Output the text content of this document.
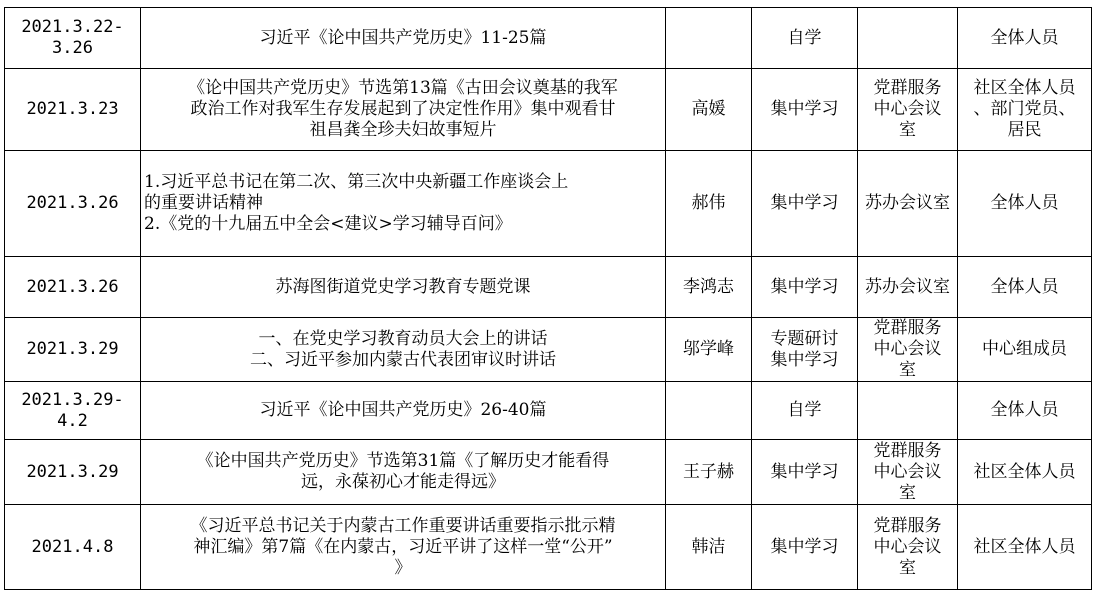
2021.3.22-3.26	习近平《论中国共产党历史》11-25篇		自学		全体人员

2021.3.23	《论中国共产党历史》节选第13篇《古田会议奠基的我军
政治工作对我军生存发展起到了决定性作用》集中观看甘
祖昌龚全珍夫妇故事短片	高媛	集中学习	党群服务
中心会议
室	社区全体人员
、部门党员、
居民

2021.3.26	1.习近平总书记在第二次、第三次中央新疆工作座谈会上
的重要讲话精神
2.《党的十九届五中全会<建议>学习辅导百问》	郝伟	集中学习	苏办会议室	全体人员

2021.3.26	苏海图街道党史学习教育专题党课	李鸿志	集中学习	苏办会议室	全体人员

2021.3.29	一、在党史学习教育动员大会上的讲话
二、习近平参加内蒙古代表团审议时讲话	邬学峰	专题研讨
集中学习	党群服务
中心会议
室	中心组成员

2021.3.29-4.2	习近平《论中国共产党历史》26-40篇		自学		全体人员

2021.3.29	《论中国共产党历史》节选第31篇《了解历史才能看得
远，永葆初心才能走得远》	王子赫	集中学习	党群服务
中心会议
室	社区全体人员

2021.4.8	《习近平总书记关于内蒙古工作重要讲话重要指示批示精
神汇编》第7篇《在内蒙古，习近平讲了这样一堂“公开”
》	韩洁	集中学习	党群服务
中心会议
室	社区全体人员
